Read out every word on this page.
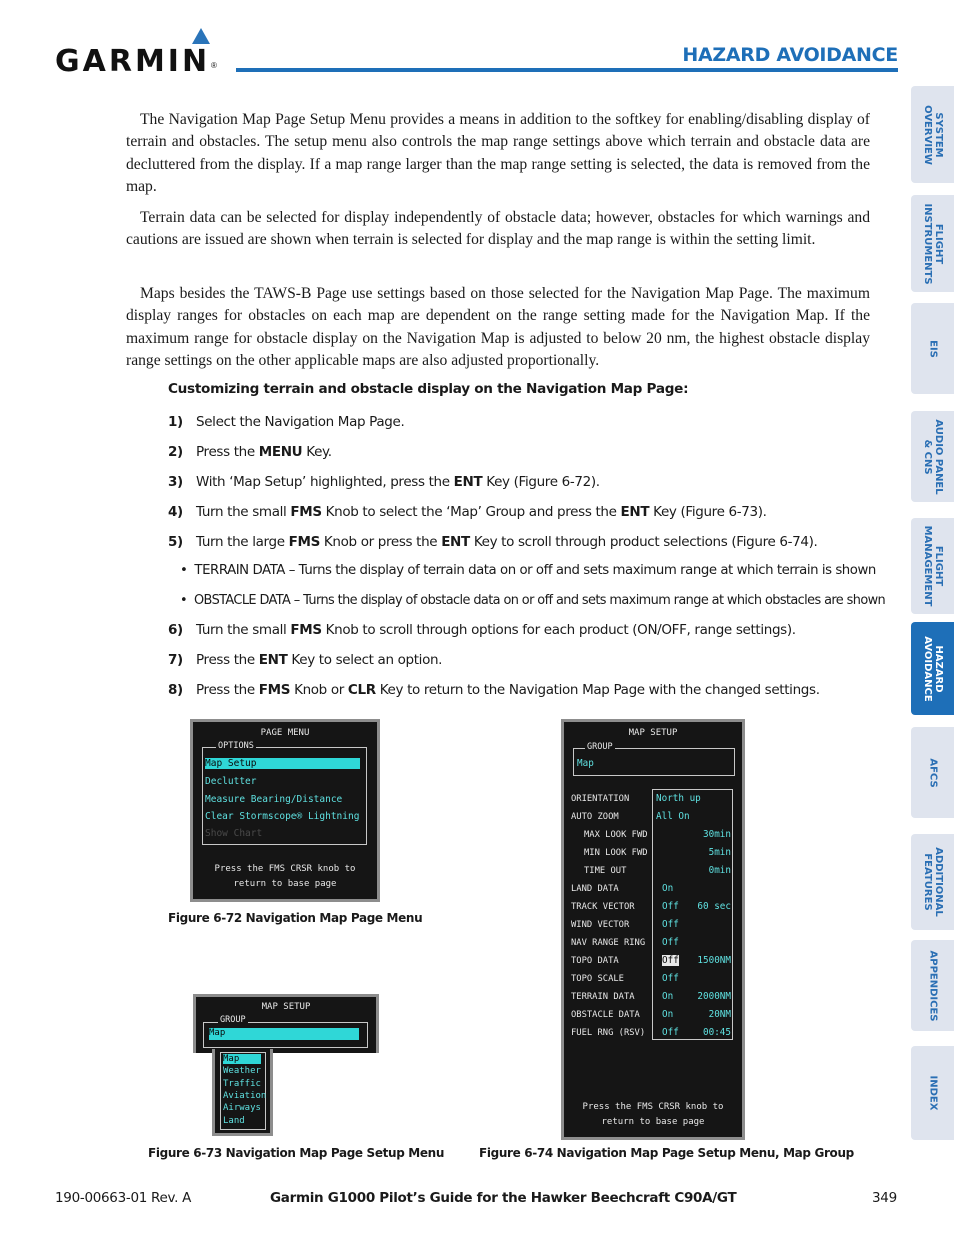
GARMIN ®	HAZARD AVOIDANCE
The Navigation Map Page Setup Menu provides a means in addition to the softkey for enabling/disabling display of terrain and obstacles. The setup menu also controls the map range settings above which terrain and obstacle data are decluttered from the display. If a map range larger than the map range setting is selected, the data is removed from the map.
Terrain data can be selected for display independently of obstacle data; however, obstacles for which warnings and cautions are issued are shown when terrain is selected for display and the map range is within the setting limit.
Maps besides the TAWS-B Page use settings based on those selected for the Navigation Map Page. The maximum display ranges for obstacles on each map are dependent on the range setting made for the Navigation Map. If the maximum range for obstacle display on the Navigation Map is adjusted to below 20 nm, the highest obstacle display range settings on the other applicable maps are also adjusted proportionally.
Customizing terrain and obstacle display on the Navigation Map Page:
1) Select the Navigation Map Page.
2) Press the MENU Key.
3) With ‘Map Setup’ highlighted, press the ENT Key (Figure 6-72).
4) Turn the small FMS Knob to select the ‘Map’ Group and press the ENT Key (Figure 6-73).
5) Turn the large FMS Knob or press the ENT Key to scroll through product selections (Figure 6-74).
6) Turn the small FMS Knob to scroll through options for each product (ON/OFF, range settings).
7) Press the ENT Key to select an option.
8) Press the FMS Knob or CLR Key to return to the Navigation Map Page with the changed settings.
• TERRAIN DATA – Turns the display of terrain data on or off and sets maximum range at which terrain is shown
• OBSTACLE DATA – Turns the display of obstacle data on or off and sets maximum range at which obstacles are shown
PAGE MENU
OPTIONS
Map Setup
Declutter
Measure Bearing/Distance
Clear Stormscope® Lightning
Show Chart
Press the FMS CRSR knob to
return to base page
Figure 6-72 Navigation Map Page Menu
MAP SETUP
GROUP
Map
Map
Weather
Traffic
Aviation
Airways
Land
Figure 6-73 Navigation Map Page Setup Menu
MAP SETUP
GROUP
Map
ORIENTATION	North up
AUTO ZOOM	All On
MAX LOOK FWD	30min
MIN LOOK FWD	5min
TIME OUT	0min
LAND DATA	On
TRACK VECTOR	Off 60 sec
WIND VECTOR	Off
NAV RANGE RING Off
TOPO DATA	Off 1500NM
TOPO SCALE	Off
TERRAIN DATA	On	2000NM
OBSTACLE DATA On	20NM
FUEL RNG (RSV) Off	00:45
Press the FMS CRSR knob to
return to base page
Figure 6-74 Navigation Map Page Setup Menu, Map Group
SYSTEM
OVERVIEW
FLIGHT
INSTRUMENTS
EIS
AUDIO PANEL
& CNS
FLIGHT
MANAGEMENT
HAZARD
AVOIDANCE
AFCS
ADDITIONAL
FEATURES
APPENDICES
INDEX
190-00663-01 Rev. A	Garmin G1000 Pilot’s Guide for the Hawker Beechcraft C90A/GT	349
